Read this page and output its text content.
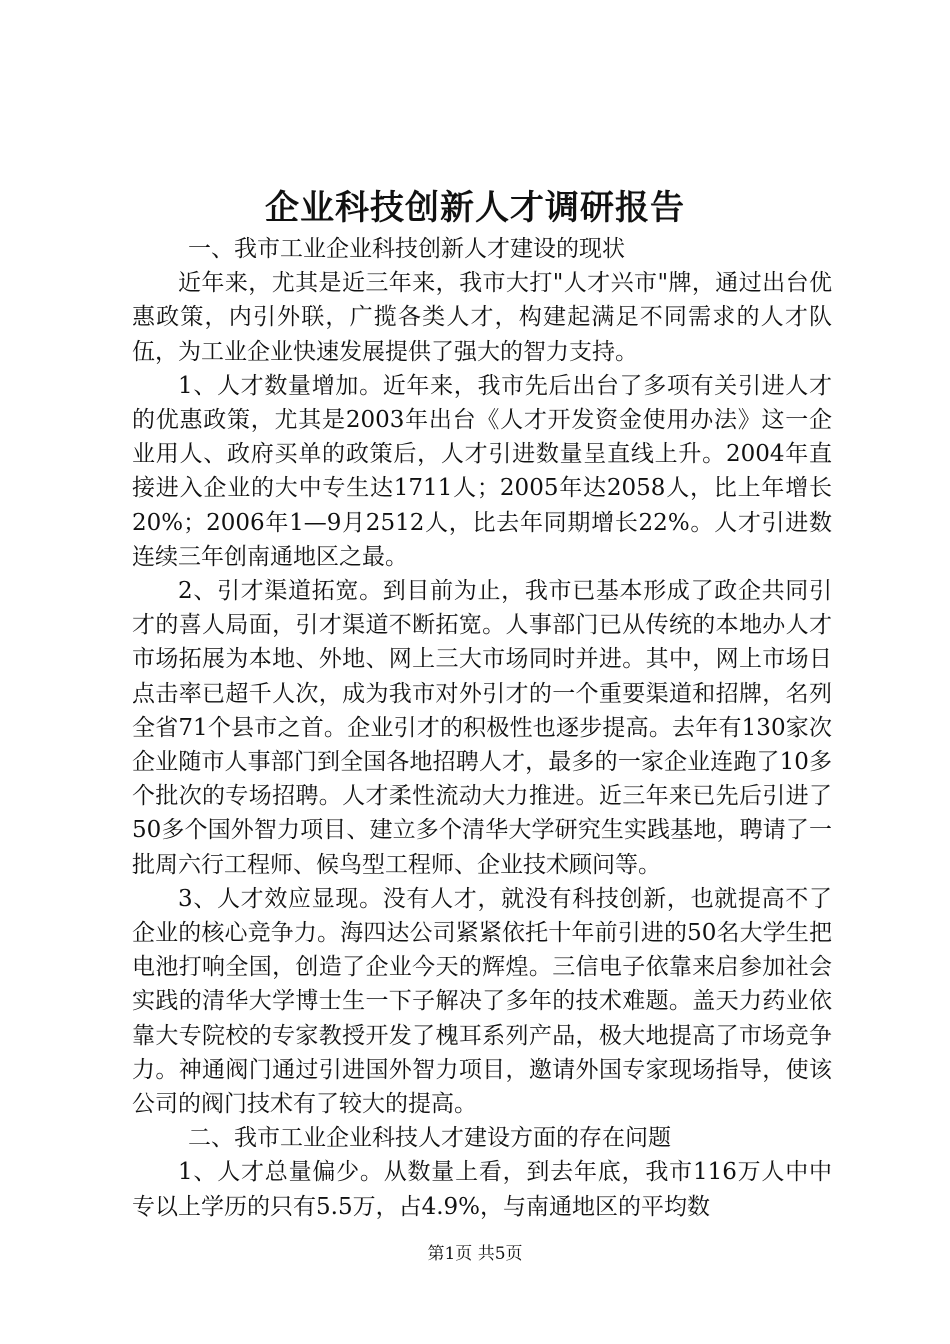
企业科技创新人才调研报告

一、我市工业企业科技创新人才建设的现状

近年来，尤其是近三年来，我市大打"人才兴市"牌，通过出台优惠政策，内引外联，广揽各类人才，构建起满足不同需求的人才队伍，为工业企业快速发展提供了强大的智力支持。

1、人才数量增加。近年来，我市先后出台了多项有关引进人才的优惠政策，尤其是2003年出台《人才开发资金使用办法》这一企业用人、政府买单的政策后，人才引进数量呈直线上升。2004年直接进入企业的大中专生达1711人；2005年达2058人，比上年增长20%；2006年1—9月2512人，比去年同期增长22%。人才引进数连续三年创南通地区之最。

2、引才渠道拓宽。到目前为止，我市已基本形成了政企共同引才的喜人局面，引才渠道不断拓宽。人事部门已从传统的本地办人才市场拓展为本地、外地、网上三大市场同时并进。其中，网上市场日点击率已超千人次，成为我市对外引才的一个重要渠道和招牌，名列全省71个县市之首。企业引才的积极性也逐步提高。去年有130家次企业随市人事部门到全国各地招聘人才，最多的一家企业连跑了10多个批次的专场招聘。人才柔性流动大力推进。近三年来已先后引进了50多个国外智力项目、建立多个清华大学研究生实践基地，聘请了一批周六行工程师、候鸟型工程师、企业技术顾问等。

3、人才效应显现。没有人才，就没有科技创新，也就提高不了企业的核心竞争力。海四达公司紧紧依托十年前引进的50名大学生把电池打响全国，创造了企业今天的辉煌。三信电子依靠来启参加社会实践的清华大学博士生一下子解决了多年的技术难题。盖天力药业依靠大专院校的专家教授开发了槐耳系列产品，极大地提高了市场竞争力。神通阀门通过引进国外智力项目，邀请外国专家现场指导，使该公司的阀门技术有了较大的提高。

二、我市工业企业科技人才建设方面的存在问题

1、人才总量偏少。从数量上看，到去年底，我市116万人中中专以上学历的只有5.5万，占4.9%，与南通地区的平均数

第1页 共5页
